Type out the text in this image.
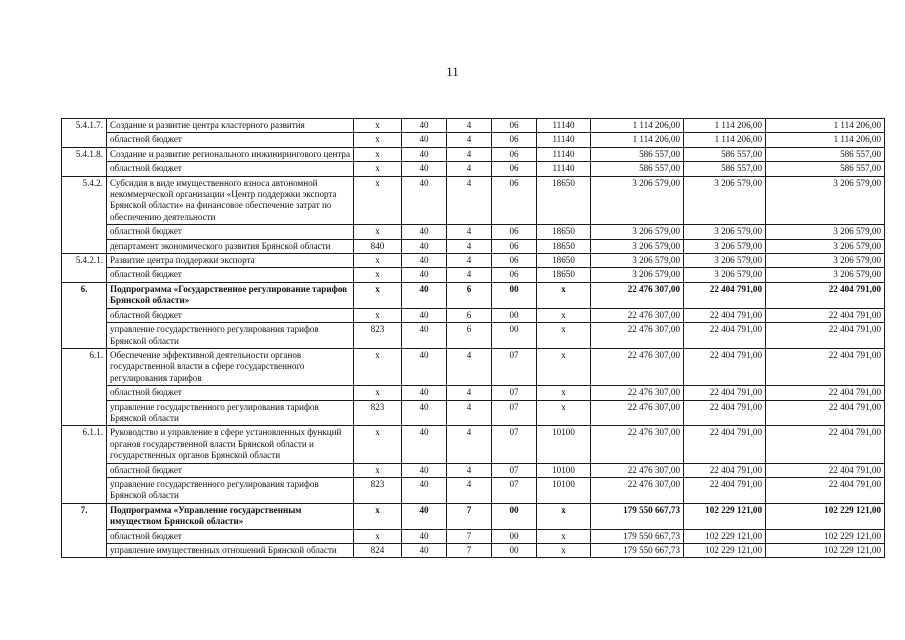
11
5.4.1.7.	Создание и развитие центра кластерного развития	х	40	4	06	11140	1 114 206,00	1 114 206,00	1 114 206,00
	областной бюджет	х	40	4	06	11140	1 114 206,00	1 114 206,00	1 114 206,00
5.4.1.8.	Создание и развитие регионального инжинирингового центра	х	40	4	06	11140	586 557,00	586 557,00	586 557,00
	областной бюджет	х	40	4	06	11140	586 557,00	586 557,00	586 557,00
5.4.2.	Субсидия в виде имущественного взноса автономной некоммерческой организации «Центр поддержки экспорта Брянской области» на финансовое обеспечение затрат по обеспечению деятельности	х	40	4	06	18650	3 206 579,00	3 206 579,00	3 206 579,00
	областной бюджет	х	40	4	06	18650	3 206 579,00	3 206 579,00	3 206 579,00
	департамент экономического развития Брянской области	840	40	4	06	18650	3 206 579,00	3 206 579,00	3 206 579,00
5.4.2.1.	Развитие центра поддержки экспорта	х	40	4	06	18650	3 206 579,00	3 206 579,00	3 206 579,00
	областной бюджет	х	40	4	06	18650	3 206 579,00	3 206 579,00	3 206 579,00
6.	Подпрограмма «Государственное регулирование тарифов Брянской области»	х	40	6	00	х	22 476 307,00	22 404 791,00	22 404 791,00
	областной бюджет	х	40	6	00	х	22 476 307,00	22 404 791,00	22 404 791,00
	управление государственного регулирования тарифов Брянской области	823	40	6	00	х	22 476 307,00	22 404 791,00	22 404 791,00
6.1.	Обеспечение эффективной деятельности органов государственной власти в сфере государственного регулирования тарифов	х	40	4	07	х	22 476 307,00	22 404 791,00	22 404 791,00
	областной бюджет	х	40	4	07	х	22 476 307,00	22 404 791,00	22 404 791,00
	управление государственного регулирования тарифов Брянской области	823	40	4	07	х	22 476 307,00	22 404 791,00	22 404 791,00
6.1.1.	Руководство и управление в сфере установленных функций органов государственной власти Брянской области и государственных органов Брянской области	х	40	4	07	10100	22 476 307,00	22 404 791,00	22 404 791,00
	областной бюджет	х	40	4	07	10100	22 476 307,00	22 404 791,00	22 404 791,00
	управление государственного регулирования тарифов Брянской области	823	40	4	07	10100	22 476 307,00	22 404 791,00	22 404 791,00
7.	Подпрограмма «Управление государственным имуществом Брянской области»	х	40	7	00	х	179 550 667,73	102 229 121,00	102 229 121,00
	областной бюджет	х	40	7	00	х	179 550 667,73	102 229 121,00	102 229 121,00
	управление имущественных отношений Брянской области	824	40	7	00	х	179 550 667,73	102 229 121,00	102 229 121,00
